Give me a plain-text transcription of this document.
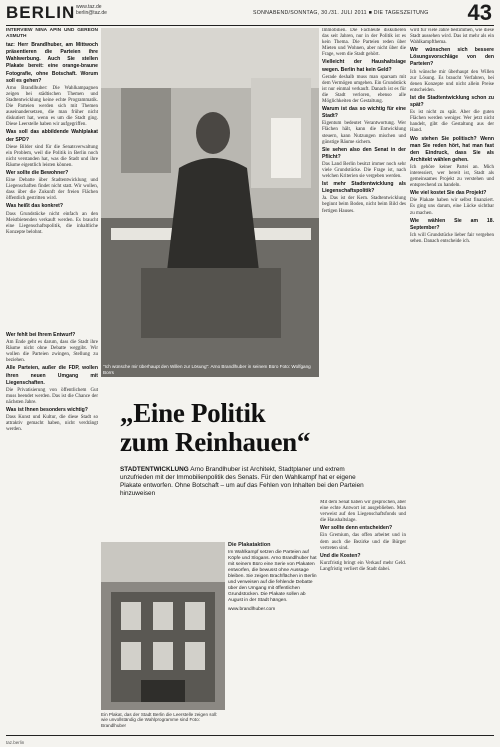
BERLIN www.taz.de
berlin@taz.de	SONNABEND/SONNTAG, 30./31. JULI 2011 ■ DIE TAGESZEITUNG 43
INTERVIEW NINA APIN UND GEREON ASMUTH

taz: Herr Brandlhuber, am Mittwoch präsentieren die Parteien ihre Wahlwerbung. Auch Sie stellen Plakate bereit: eine orange-braune Fotografie, ohne Botschaft. Worum soll es gehen?

Arno Brandlhuber: Die Wahlkampagnen zeigen bei städtischen Themen und Stadtentwicklung keine echte Programmatik. Die Parteien werden sich mit Themen auseinandersetzen, die man früher nicht diskutiert hat, wenn es um die Stadt ging. Diese Leerstelle haben wir aufgegriffen.

Was soll das abbildende Wahlplakat der SPD?

Diese Bilder sind für die Senatsverwaltung ein Problem, weil die Politik in Berlin noch nicht verstanden hat, was die Stadt und ihre Räume eigentlich leisten können.

Wer sollte die Bewohner?

Eine Debatte über Stadtentwicklung und Liegenschaften findet nicht statt. Wir wollen, dass über die Zukunft der freien Flächen öffentlich gestritten wird.

Was heißt das konkret?

Dass Grundstücke nicht einfach an den Meistbietenden verkauft werden. Es braucht eine Liegenschaftspolitik, die inhaltliche Konzepte belohnt.

"Ich wünsche mir überhaupt den Willen zur Lösung": Arno Brandlhuber in seinem Büro Foto: Wolfgang Borrs

Immobilien. Die Fachleute diskutieren das seit Jahren, nur in der Politik ist es kein Thema. Die Parteien reden über Mieten und Wohnen, aber nicht über die Frage, wem die Stadt gehört.

Vielleicht der Haushaltslage wegen. Berlin hat kein Geld?

Gerade deshalb muss man sparsam mit dem Vermögen umgehen. Ein Grundstück ist nur einmal verkauft. Danach ist es für die Stadt verloren, ebenso alle Möglichkeiten der Gestaltung.

Warum ist das so wichtig für eine Stadt?

Eigentum bedeutet Verantwortung. Wer Flächen hält, kann die Entwicklung steuern, kann Nutzungen mischen und günstige Räume sichern.

Sie sehen also den Senat in der Pflicht?

Das Land Berlin besitzt immer noch sehr viele Grundstücke. Die Frage ist, nach welchen Kriterien sie vergeben werden.

Ist mehr Stadtentwicklung als Liegenschaftspolitik?

Ja. Das ist der Kern. Stadtentwicklung beginnt beim Boden, nicht beim Bild des fertigen Hauses.

wird für viele Jahre bestimmen, wie diese Stadt aussehen wird. Das ist mehr als ein Wahlkampfthema.

Wir wünschen sich bessere Lösungsvorschläge von den Parteien?

Ich wünsche mir überhaupt den Willen zur Lösung. Es braucht Verfahren, bei denen Konzepte und nicht allein Preise entscheiden.

Ist die Stadtentwicklung schon zu spät?

Es ist nicht zu spät. Aber die guten Flächen werden weniger. Wer jetzt nicht handelt, gibt die Gestaltung aus der Hand.

Wo stehen Sie politisch? Wenn man Sie reden hört, hat man fast den Eindruck, dass Sie als Architekt wählen gehen.

Ich gehöre keiner Partei an. Mich interessiert, wer bereit ist, Stadt als gemeinsames Projekt zu verstehen und entsprechend zu handeln.

Wie viel kostet Sie das Projekt?

Die Plakate haben wir selbst finanziert. Es ging uns darum, eine Lücke sichtbar zu machen.

Wie wählen Sie am 18. September?

Ich will Grundstücke lieber fair vergeben sehen. Danach entscheide ich.

„Eine Politik
zum Reinhauen“
STADTENTWICKLUNG Arno Brandlhuber ist Architekt, Stadtplaner und extrem unzufrieden mit der Immobilienpolitik des Senats. Für den Wahlkampf hat er eigene Plakate entworfen. Ohne Botschaft – um auf das Fehlen von Inhalten bei den Parteien hinzuweisen

Wer fehlt bei Ihrem Entwurf?

Am Ende geht es darum, dass die Stadt ihre Räume nicht ohne Debatte weggibt. Wir wollen die Parteien zwingen, Stellung zu beziehen.

Alle Parteien, außer die FDP, wollen ihren neuen Umgang mit Liegenschaften.

Die Privatisierung von öffentlichem Gut muss beendet werden. Das ist die Chance der nächsten Jahre.

Was ist Ihnen besonders wichtig?

Dass Kunst und Kultur, die diese Stadt so attraktiv gemacht haben, nicht verdrängt werden.

Mit dem Senat haben wir gesprochen, aber eine echte Antwort ist ausgeblieben. Man verweist auf den Liegenschaftsfonds und die Haushaltslage.

Wer sollte denn entscheiden?

Ein Gremium, das offen arbeitet und in dem auch die Bezirke und die Bürger vertreten sind.

Und die Kosten?

Kurzfristig bringt ein Verkauf mehr Geld. Langfristig verliert die Stadt dabei.

Ein Plakat, das der Stadt Berlin die Leerstelle zeigen soll: wie unvollständig die Wahlprogramme sind Foto: Brandlhuber
Die Plakataktion
Im Wahlkampf setzen die Parteien auf Köpfe und Slogans. Arno Brandlhuber hat mit seinem Büro eine Serie von Plakaten entworfen, die bewusst ohne Aussage bleiben. Sie zeigen Brachflächen in Berlin und verweisen auf die fehlende Debatte über den Umgang mit öffentlichen Grundstücken. Die Plakate sollen ab August in der Stadt hängen.
www.brandlhuber.com
taz.berlin
